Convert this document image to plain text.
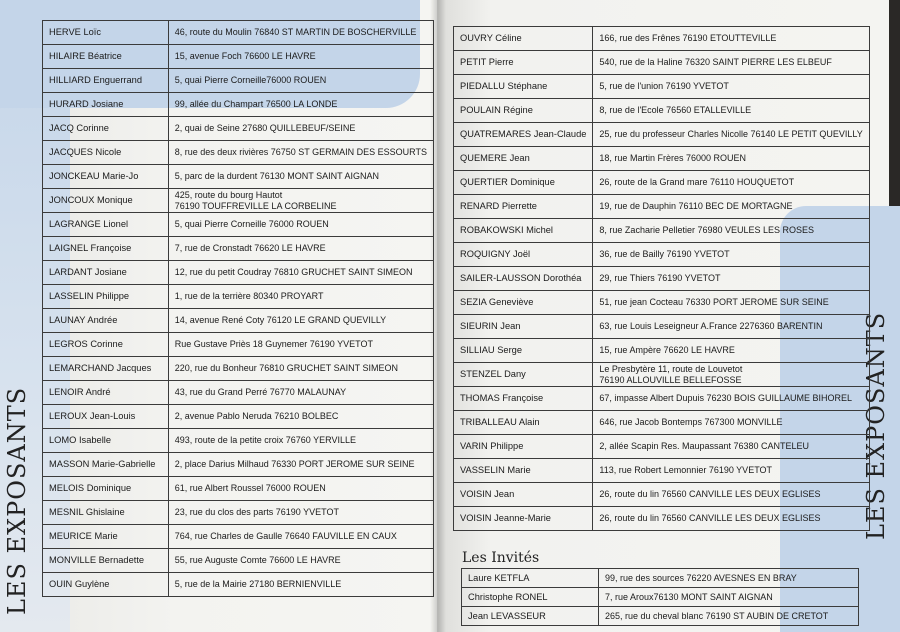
LES EXPOSANTS	LES EXPOSANTS
Les Invités
HERVE Loïc	46, route du Moulin 76840 ST MARTIN DE BOSCHERVILLE
HILAIRE Béatrice	15, avenue Foch 76600 LE HAVRE
HILLIARD Enguerrand	5, quai Pierre Corneille76000 ROUEN
HURARD Josiane	99, allée du Champart 76500 LA LONDE
JACQ Corinne	2, quai de Seine 27680 QUILLEBEUF/SEINE
JACQUES Nicole	8, rue des deux rivières 76750 ST GERMAIN DES ESSOURTS
JONCKEAU Marie-Jo	5, parc de la durdent 76130 MONT SAINT AIGNAN
JONCOUX Monique	425, route du bourg Hautot
76190 TOUFFREVILLE LA CORBELINE

LAGRANGE Lionel	5, quai Pierre Corneille 76000 ROUEN
LAIGNEL Françoise	7, rue de Cronstadt 76620 LE HAVRE
LARDANT Josiane	12, rue du petit Coudray 76810 GRUCHET SAINT SIMEON
LASSELIN Philippe	1, rue de la terrière 80340 PROYART
LAUNAY Andrée	14, avenue René Coty 76120 LE GRAND QUEVILLY
LEGROS Corinne	Rue Gustave Priès 18 Guynemer 76190 YVETOT
LEMARCHAND Jacques	220, rue du Bonheur 76810 GRUCHET SAINT SIMEON
LENOIR André	43, rue du Grand Perré 76770 MALAUNAY
LEROUX Jean-Louis	2, avenue Pablo Neruda 76210 BOLBEC
LOMO Isabelle	493, route de la petite croix 76760 YERVILLE
MASSON Marie-Gabrielle	2, place Darius Milhaud 76330 PORT JEROME SUR SEINE
MELOIS Dominique	61, rue Albert Roussel 76000 ROUEN
MESNIL Ghislaine	23, rue du clos des parts 76190 YVETOT
MEURICE Marie	764, rue Charles de Gaulle 76640 FAUVILLE EN CAUX
MONVILLE Bernadette	55, rue Auguste Comte 76600 LE HAVRE
OUIN Guylène	5, rue de la Mairie 27180 BERNIENVILLE
OUVRY Céline	166, rue des Frênes 76190 ETOUTTEVILLE
PETIT Pierre	540, rue de la Haline 76320 SAINT PIERRE LES ELBEUF
PIEDALLU Stéphane	5, rue de l'union 76190 YVETOT
POULAIN Régine	8, rue de l'Ecole 76560 ETALLEVILLE
QUATREMARES Jean-Claude	25, rue du professeur Charles Nicolle 76140 LE PETIT QUEVILLY
QUEMERE Jean	18, rue Martin Frères 76000 ROUEN
QUERTIER Dominique	26, route de la Grand mare 76110 HOUQUETOT
RENARD Pierrette	19, rue de Dauphin 76110 BEC DE MORTAGNE
ROBAKOWSKI Michel	8, rue Zacharie Pelletier 76980 VEULES LES ROSES
ROQUIGNY Joël	36, rue de Bailly 76190 YVETOT
SAILER-LAUSSON Dorothéa	29, rue Thiers 76190 YVETOT
SEZIA Geneviève	51, rue jean Cocteau 76330 PORT JEROME SUR SEINE
SIEURIN Jean	63, rue Louis Leseigneur A.France 2276360 BARENTIN
SILLIAU Serge	15, rue Ampère 76620 LE HAVRE
STENZEL Dany	Le Presbytère 11, route de Louvetot
76190 ALLOUVILLE BELLEFOSSE

THOMAS Françoise	67, impasse Albert Dupuis 76230 BOIS GUILLAUME BIHOREL
TRIBALLEAU Alain	646, rue Jacob Bontemps 767300 MONVILLE
VARIN Philippe	2, allée Scapin Res. Maupassant 76380 CANTELEU
VASSELIN Marie	113, rue Robert Lemonnier 76190 YVETOT
VOISIN Jean	26, route du lin 76560 CANVILLE LES DEUX EGLISES
VOISIN Jeanne-Marie	26, route du lin 76560 CANVILLE LES DEUX EGLISES
Laure KETFLA	99, rue des sources 76220 AVESNES EN BRAY
Christophe RONEL	7, rue Aroux76130 MONT SAINT AIGNAN
Jean LEVASSEUR	265, rue du cheval blanc 76190 ST AUBIN DE CRETOT
